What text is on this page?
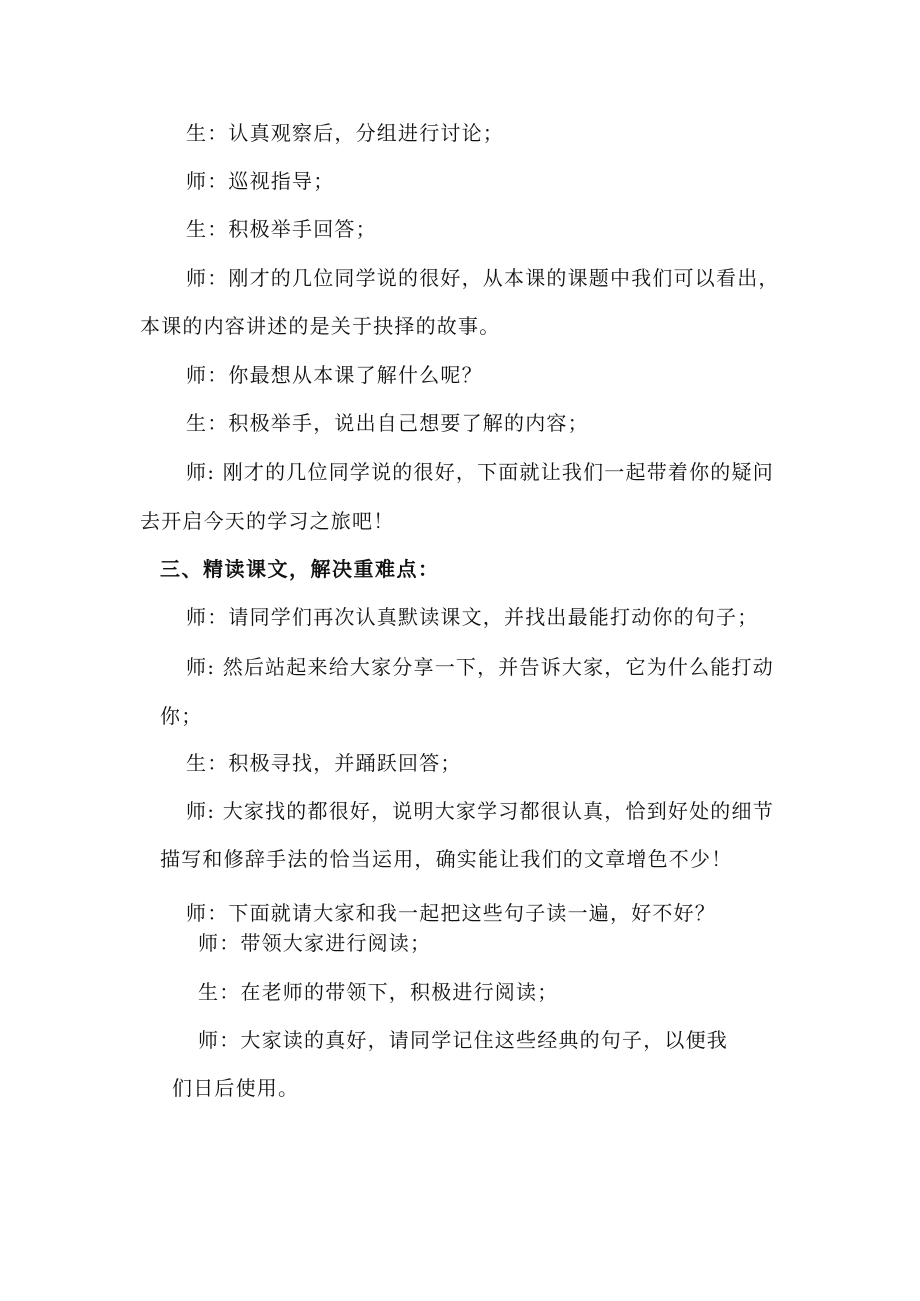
生：认真观察后，分组进行讨论；
师：巡视指导；
生：积极举手回答；
师：刚才的几位同学说的很好，从本课的课题中我们可以看出，
本课的内容讲述的是关于抉择的故事。
师：你最想从本课了解什么呢？
生：积极举手，说出自己想要了解的内容；
师: 刚才的几位同学说的很好，下面就让我们一起带着你的疑问
去开启今天的学习之旅吧！
三、精读课文，解决重难点：
师：请同学们再次认真默读课文，并找出最能打动你的句子；
师: 然后站起来给大家分享一下，并告诉大家，它为什么能打动
你；
生：积极寻找，并踊跃回答；
师: 大家找的都很好，说明大家学习都很认真，恰到好处的细节
描写和修辞手法的恰当运用，确实能让我们的文章增色不少！
师：下面就请大家和我一起把这些句子读一遍，好不好？
师：带领大家进行阅读；
生：在老师的带领下，积极进行阅读；
师：大家读的真好，请同学记住这些经典的句子，以便我
们日后使用。
